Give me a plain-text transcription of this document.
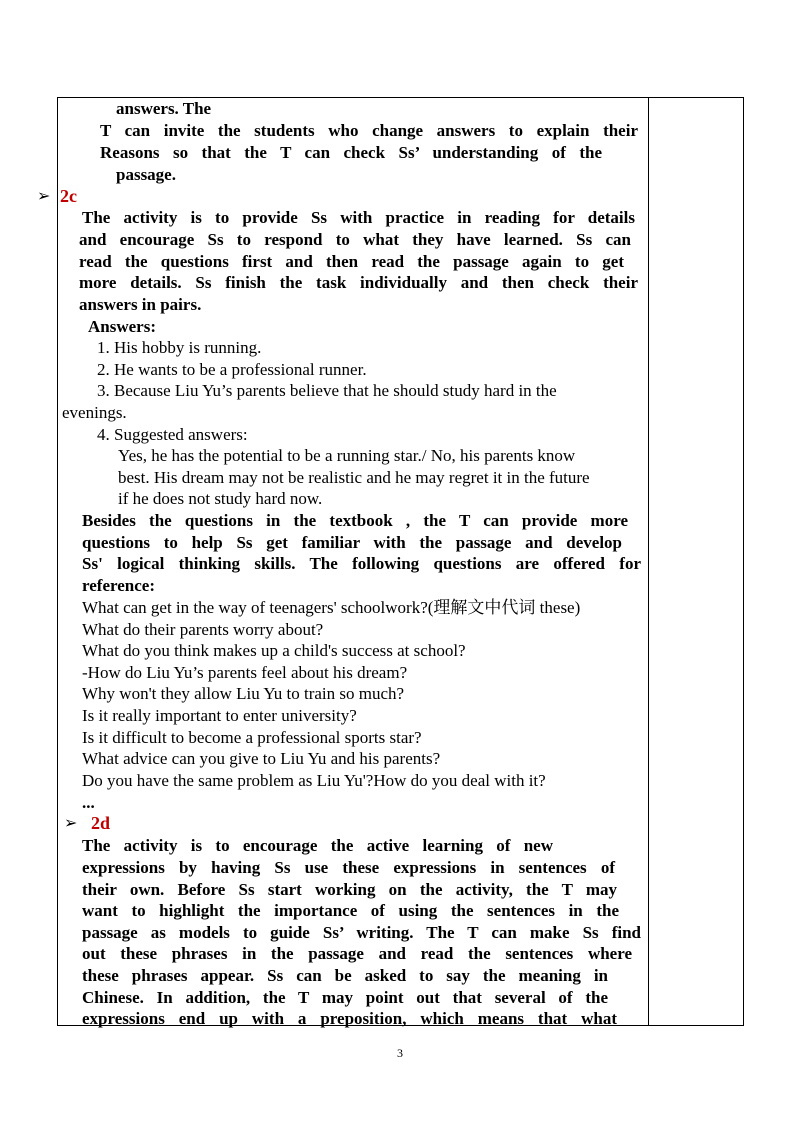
answers. The
T can invite the students who change answers to explain their
Reasons so that the T can check Ss’ understanding of the
passage.
➢ 2c
The activity is to provide Ss with practice in reading for details
and encourage Ss to respond to what they have learned. Ss can
read the questions first and then read the passage again to get
more details. Ss finish the task individually and then check their
answers in pairs.
Answers:
1. His hobby is running.
2. He wants to be a professional runner.
3. Because Liu Yu’s parents believe that he should study hard in the
evenings.
4. Suggested answers:
Yes, he has the potential to be a running star./ No, his parents know
best. His dream may not be realistic and he may regret it in the future
if he does not study hard now.
Besides the questions in the textbook , the T can provide more
questions to help Ss get familiar with the passage and develop
Ss' logical thinking skills. The following questions are offered for
reference:
What can get in the way of teenagers' schoolwork?(理解文中代词 these)
What do their parents worry about?
What do you think makes up a child's success at school?
-How do Liu Yu’s parents feel about his dream?
Why won't they allow Liu Yu to train so much?
Is it really important to enter university?
Is it difficult to become a professional sports star?
What advice can you give to Liu Yu and his parents?
Do you have the same problem as Liu Yu'?How do you deal with it?
...
➢ 2d
The activity is to encourage the active learning of new
expressions by having Ss use these expressions in sentences of
their own. Before Ss start working on the activity, the T may
want to highlight the importance of using the sentences in the
passage as models to guide Ss’ writing. The T can make Ss find
out these phrases in the passage and read the sentences where
these phrases appear. Ss can be asked to say the meaning in
Chinese. In addition, the T may point out that several of the
expressions end up with a preposition, which means that what
3
